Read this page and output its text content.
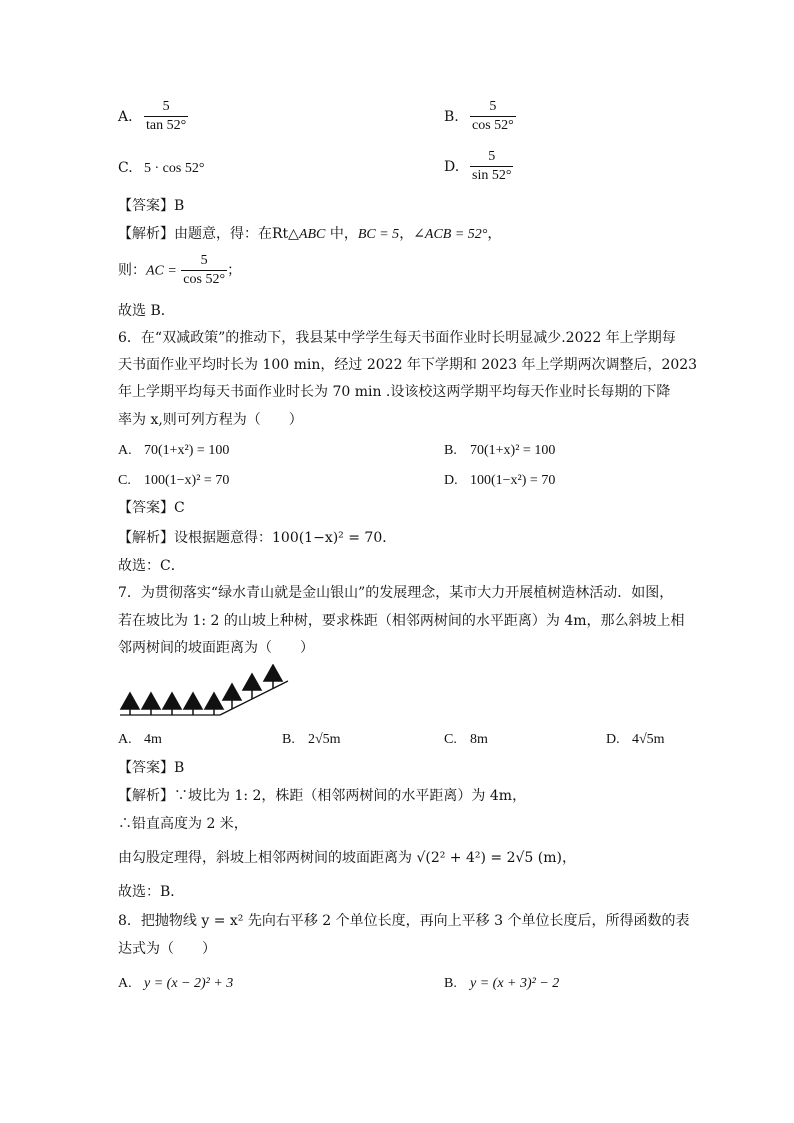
A. $\frac{5}{\tan 52^\circ}$	B. $\frac{5}{\cos 52^\circ}$
C. 5 · cos 52°	D. $\frac{5}{\sin 52^\circ}$
【答案】B
【解析】由题意，得：在Rt△ABC 中，BC = 5，∠ACB = 52°，
则：AC = $\frac{5}{\cos 52^\circ}$ ；
故选 B．
6．在“双减政策”的推动下，我县某中学学生每天书面作业时长明显减少.2022 年上学期每
天书面作业平均时长为 100 min，经过 2022 年下学期和 2023 年上学期两次调整后，2023
年上学期平均每天书面作业时长为 70 min .设该校这两学期平均每天作业时长每期的下降
率为 x,则可列方程为（　　）
A. 70(1+x²) = 100	B. 70(1+x)² = 100
C. 100(1−x)² = 70	D. 100(1−x²) = 70
【答案】C
【解析】设根据题意得：100(1−x)² = 70．
故选：C．
7．为贯彻落实“绿水青山就是金山银山”的发展理念，某市大力开展植树造林活动．如图，
若在坡比为 1: 2 的山坡上种树，要求株距（相邻两树间的水平距离）为 4m，那么斜坡上相
邻两树间的坡面距离为（　　）
A. 4m	B. 2√5m	C. 8m	D. 4√5m
【答案】B
【解析】∵坡比为 1: 2，株距（相邻两树间的水平距离）为 4m，
∴铅直高度为 2 米，
由勾股定理得，斜坡上相邻两树间的坡面距离为 √(2² + 4²) = 2√5 (m)，
故选：B．
8．把抛物线 y = x² 先向右平移 2 个单位长度，再向上平移 3 个单位长度后，所得函数的表
达式为（　　）
A. y = (x − 2)² + 3	B. y = (x + 3)² − 2
